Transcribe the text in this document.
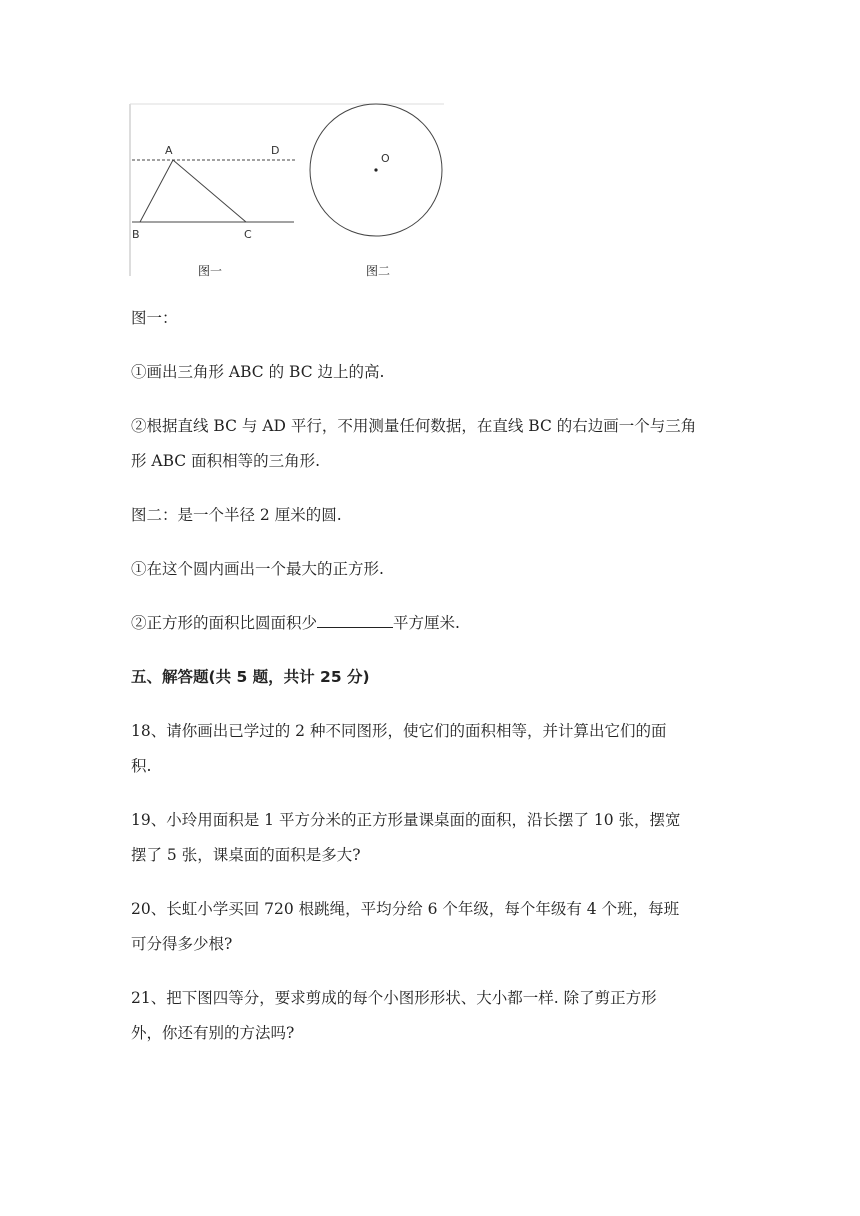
A	D
B	C
O
图一	图二
图一：
①画出三角形 ABC 的 BC 边上的高.
②根据直线 BC 与 AD 平行，不用测量任何数据，在直线 BC 的右边画一个与三角
形 ABC 面积相等的三角形.
图二：是一个半径 2 厘米的圆.
①在这个圆内画出一个最大的正方形.
②正方形的面积比圆面积少	平方厘米.
五、解答题(共 5 题，共计 25 分)
18、请你画出已学过的 2 种不同图形，使它们的面积相等，并计算出它们的面
积.
19、小玲用面积是 1 平方分米的正方形量课桌面的面积，沿长摆了 10 张，摆宽
摆了 5 张，课桌面的面积是多大?
20、长虹小学买回 720 根跳绳，平均分给 6 个年级，每个年级有 4 个班，每班
可分得多少根?
21、把下图四等分，要求剪成的每个小图形形状、大小都一样. 除了剪正方形
外，你还有别的方法吗?
